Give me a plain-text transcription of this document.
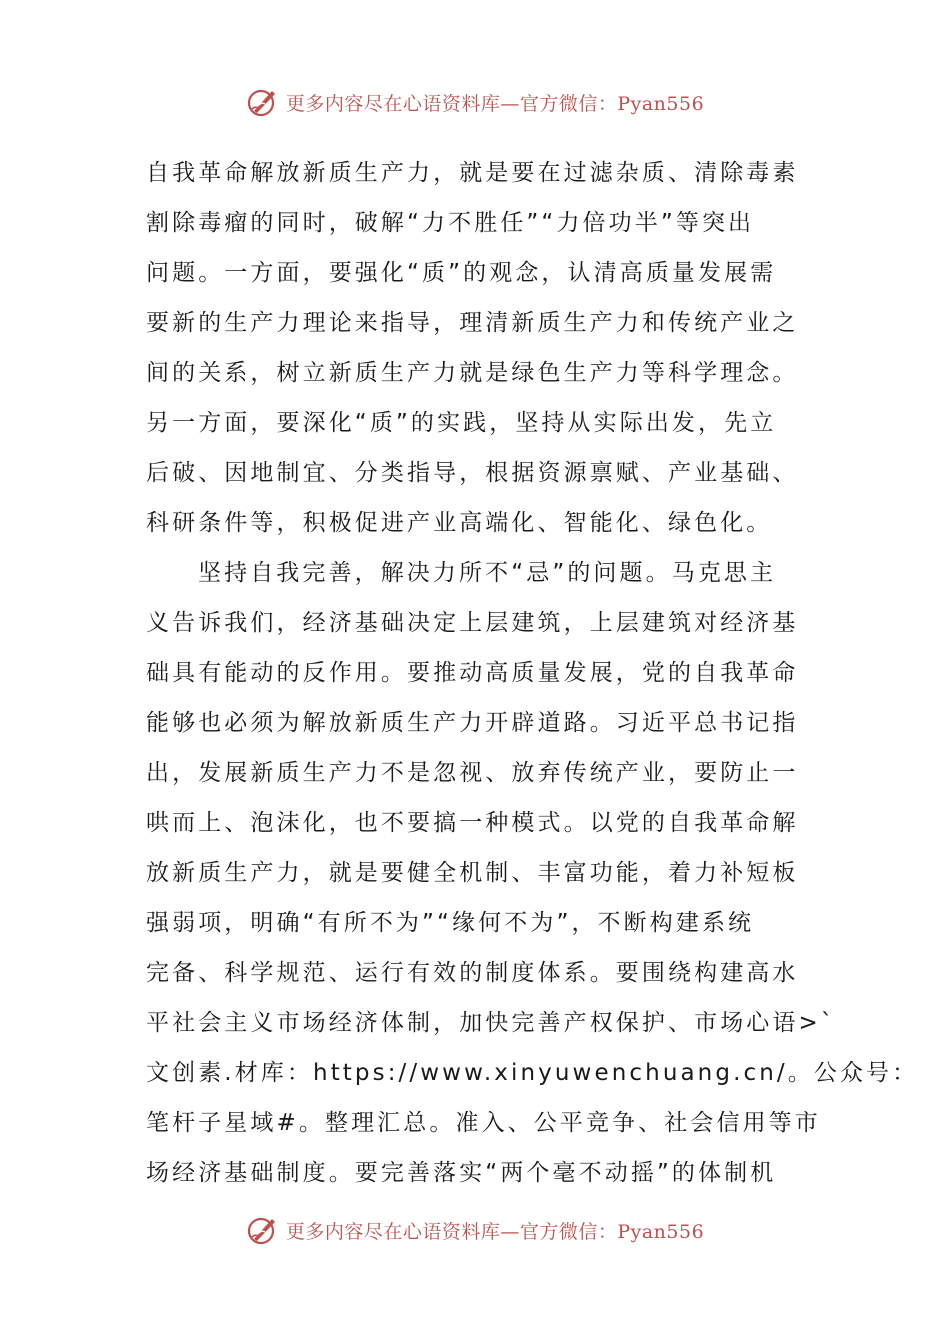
更多内容尽在心语资料库—官方微信：Pyan556
自我革命解放新质生产力，就是要在过滤杂质、清除毒素
割除毒瘤的同时，破解“力不胜任”“力倍功半”等突出
问题。一方面，要强化“质”的观念，认清高质量发展需
要新的生产力理论来指导，理清新质生产力和传统产业之
间的关系，树立新质生产力就是绿色生产力等科学理念。
另一方面，要深化“质”的实践，坚持从实际出发，先立
后破、因地制宜、分类指导，根据资源禀赋、产业基础、
科研条件等，积极促进产业高端化、智能化、绿色化。
坚持自我完善，解决力所不“忌”的问题。马克思主
义告诉我们，经济基础决定上层建筑，上层建筑对经济基
础具有能动的反作用。要推动高质量发展，党的自我革命
能够也必须为解放新质生产力开辟道路。习近平总书记指
出，发展新质生产力不是忽视、放弃传统产业，要防止一
哄而上、泡沫化，也不要搞一种模式。以党的自我革命解
放新质生产力，就是要健全机制、丰富功能，着力补短板
强弱项，明确“有所不为”“缘何不为”，不断构建系统
完备、科学规范、运行有效的制度体系。要围绕构建高水
平社会主义市场经济体制，加快完善产权保护、市场心语>`
文创素.材库：https://www.xinyuwenchuang.cn/。公众号：
笔杆子星域#。整理汇总。准入、公平竞争、社会信用等市
场经济基础制度。要完善落实“两个毫不动摇”的体制机
更多内容尽在心语资料库—官方微信：Pyan556
